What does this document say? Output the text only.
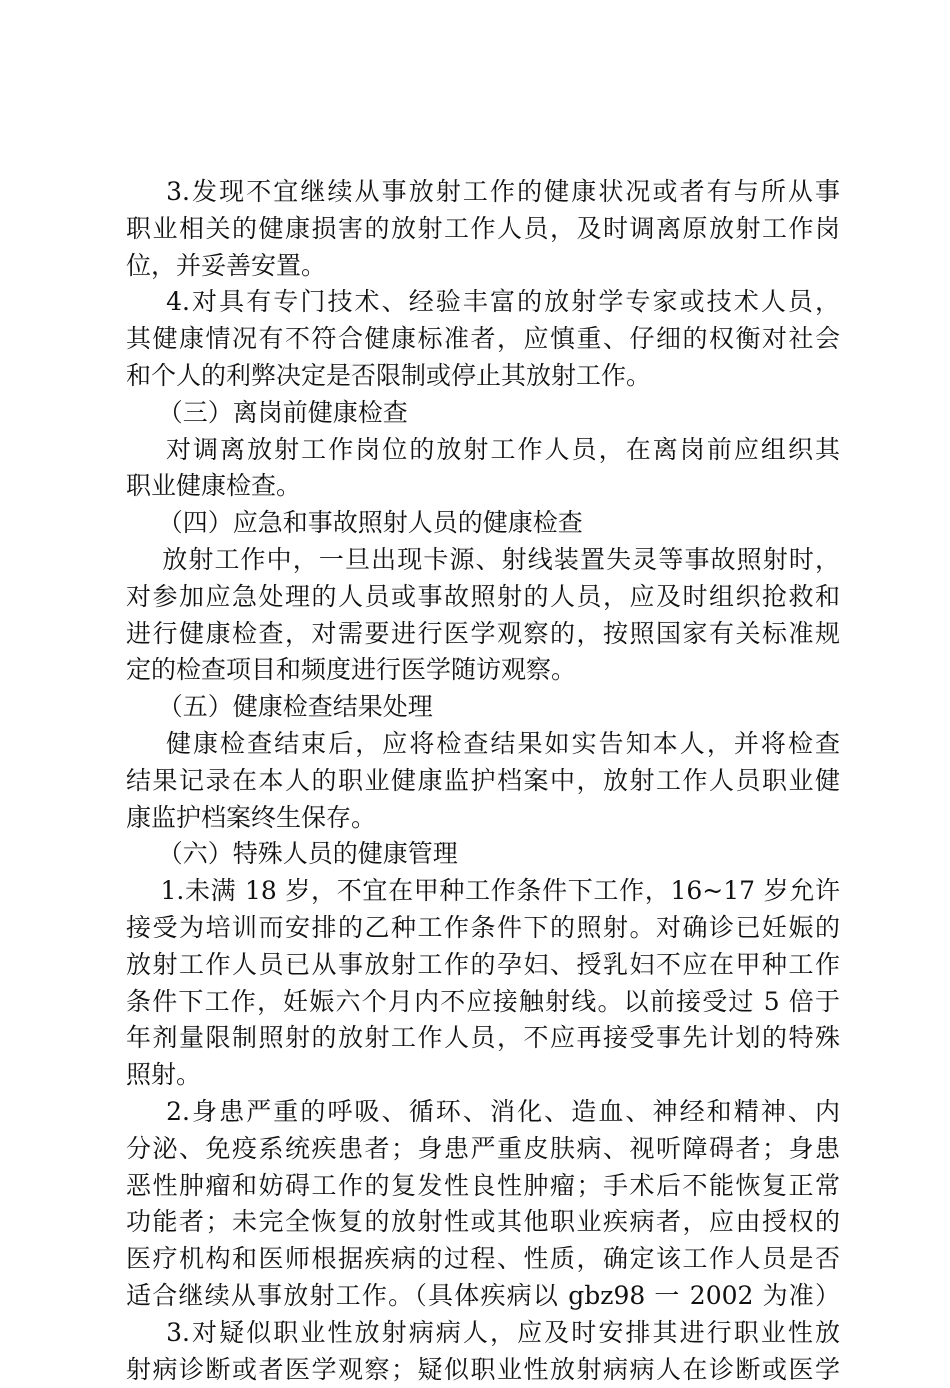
3.发现不宜继续从事放射工作的健康状况或者有与所从事
职业相关的健康损害的放射工作人员，及时调离原放射工作岗
位，并妥善安置。
4.对具有专门技术、经验丰富的放射学专家或技术人员，
其健康情况有不符合健康标准者，应慎重、仔细的权衡对社会
和个人的利弊决定是否限制或停止其放射工作。
（三）离岗前健康检查
对调离放射工作岗位的放射工作人员，在离岗前应组织其
职业健康检查。
（四）应急和事故照射人员的健康检查
放射工作中，一旦出现卡源、射线装置失灵等事故照射时，
对参加应急处理的人员或事故照射的人员，应及时组织抢救和
进行健康检查，对需要进行医学观察的，按照国家有关标准规
定的检查项目和频度进行医学随访观察。
（五）健康检查结果处理
健康检查结束后，应将检查结果如实告知本人，并将检查
结果记录在本人的职业健康监护档案中，放射工作人员职业健
康监护档案终生保存。
（六）特殊人员的健康管理
1.未满 18 岁，不宜在甲种工作条件下工作，16~17 岁允许
接受为培训而安排的乙种工作条件下的照射。对确诊已妊娠的
放射工作人员已从事放射工作的孕妇、授乳妇不应在甲种工作
条件下工作，妊娠六个月内不应接触射线。以前接受过 5 倍于
年剂量限制照射的放射工作人员，不应再接受事先计划的特殊
照射。
2.身患严重的呼吸、循环、消化、造血、神经和精神、内
分泌、免疫系统疾患者；身患严重皮肤病、视听障碍者；身患
恶性肿瘤和妨碍工作的复发性良性肿瘤；手术后不能恢复正常
功能者；未完全恢复的放射性或其他职业疾病者，应由授权的
医疗机构和医师根据疾病的过程、性质，确定该工作人员是否
适合继续从事放射工作。（具体疾病以 gbz98 一 2002 为准）
3.对疑似职业性放射病病人，应及时安排其进行职业性放
射病诊断或者医学观察；疑似职业性放射病病人在诊断或医学
